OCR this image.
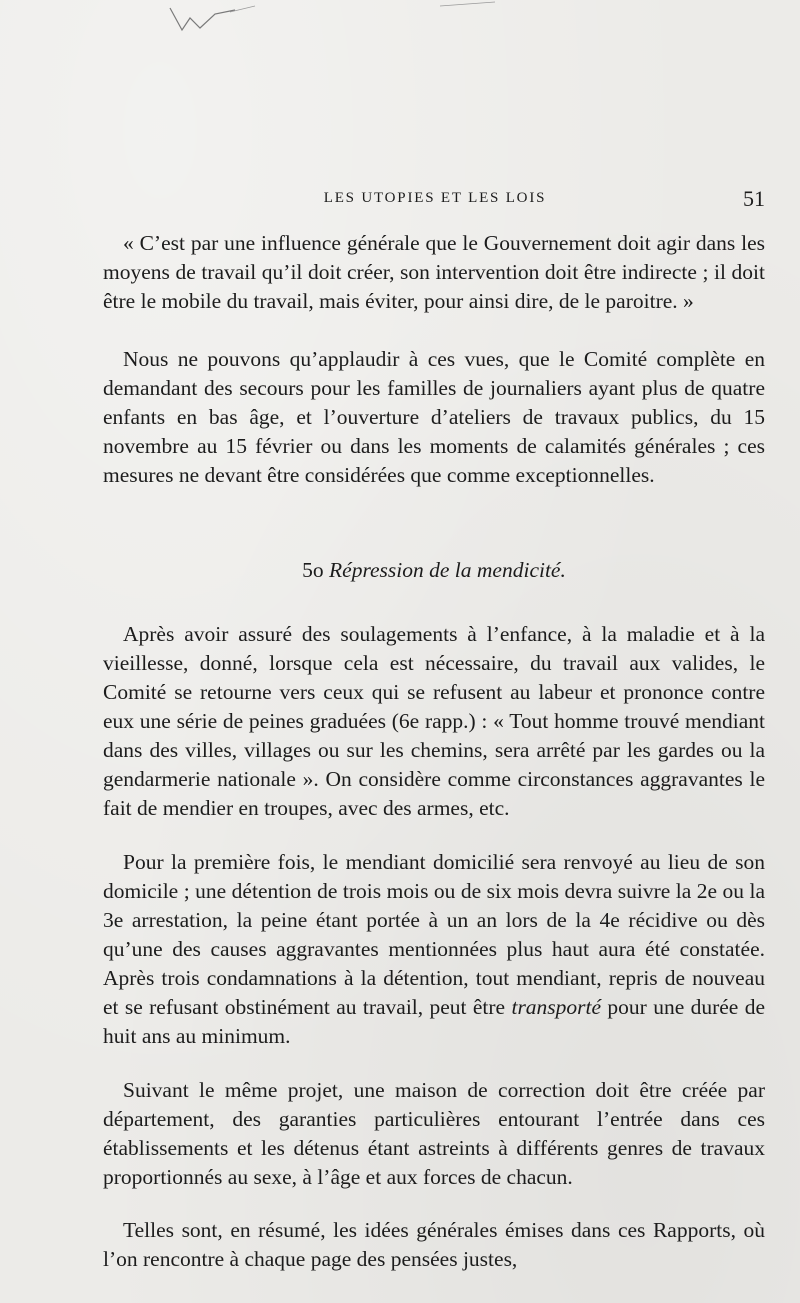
LES UTOPIES ET LES LOIS	51

« C’est par une influence générale que le Gouvernement doit agir dans les moyens de travail qu’il doit créer, son intervention doit être indirecte ; il doit être le mobile du travail, mais éviter, pour ainsi dire, de le paroitre. »

Nous ne pouvons qu’applaudir à ces vues, que le Comité complète en demandant des secours pour les familles de journaliers ayant plus de quatre enfants en bas âge, et l’ouverture d’ateliers de travaux publics, du 15 novembre au 15 février ou dans les moments de calamités générales ; ces mesures ne devant être considérées que comme exceptionnelles.

5o Répression de la mendicité.

Après avoir assuré des soulagements à l’enfance, à la maladie et à la vieillesse, donné, lorsque cela est nécessaire, du travail aux valides, le Comité se retourne vers ceux qui se refusent au labeur et prononce contre eux une série de peines graduées (6e rapp.) : « Tout homme trouvé mendiant dans des villes, villages ou sur les chemins, sera arrêté par les gardes ou la gendarmerie nationale ». On considère comme circonstances aggravantes le fait de mendier en troupes, avec des armes, etc.

Pour la première fois, le mendiant domicilié sera renvoyé au lieu de son domicile ; une détention de trois mois ou de six mois devra suivre la 2e ou la 3e arrestation, la peine étant portée à un an lors de la 4e récidive ou dès qu’une des causes aggravantes mentionnées plus haut aura été constatée. Après trois condamnations à la détention, tout mendiant, repris de nouveau et se refusant obstinément au travail, peut être transporté pour une durée de huit ans au minimum.

Suivant le même projet, une maison de correction doit être créée par département, des garanties particulières entourant l’entrée dans ces établissements et les détenus étant astreints à différents genres de travaux proportionnés au sexe, à l’âge et aux forces de chacun.

Telles sont, en résumé, les idées générales émises dans ces Rapports, où l’on rencontre à chaque page des pensées justes,
